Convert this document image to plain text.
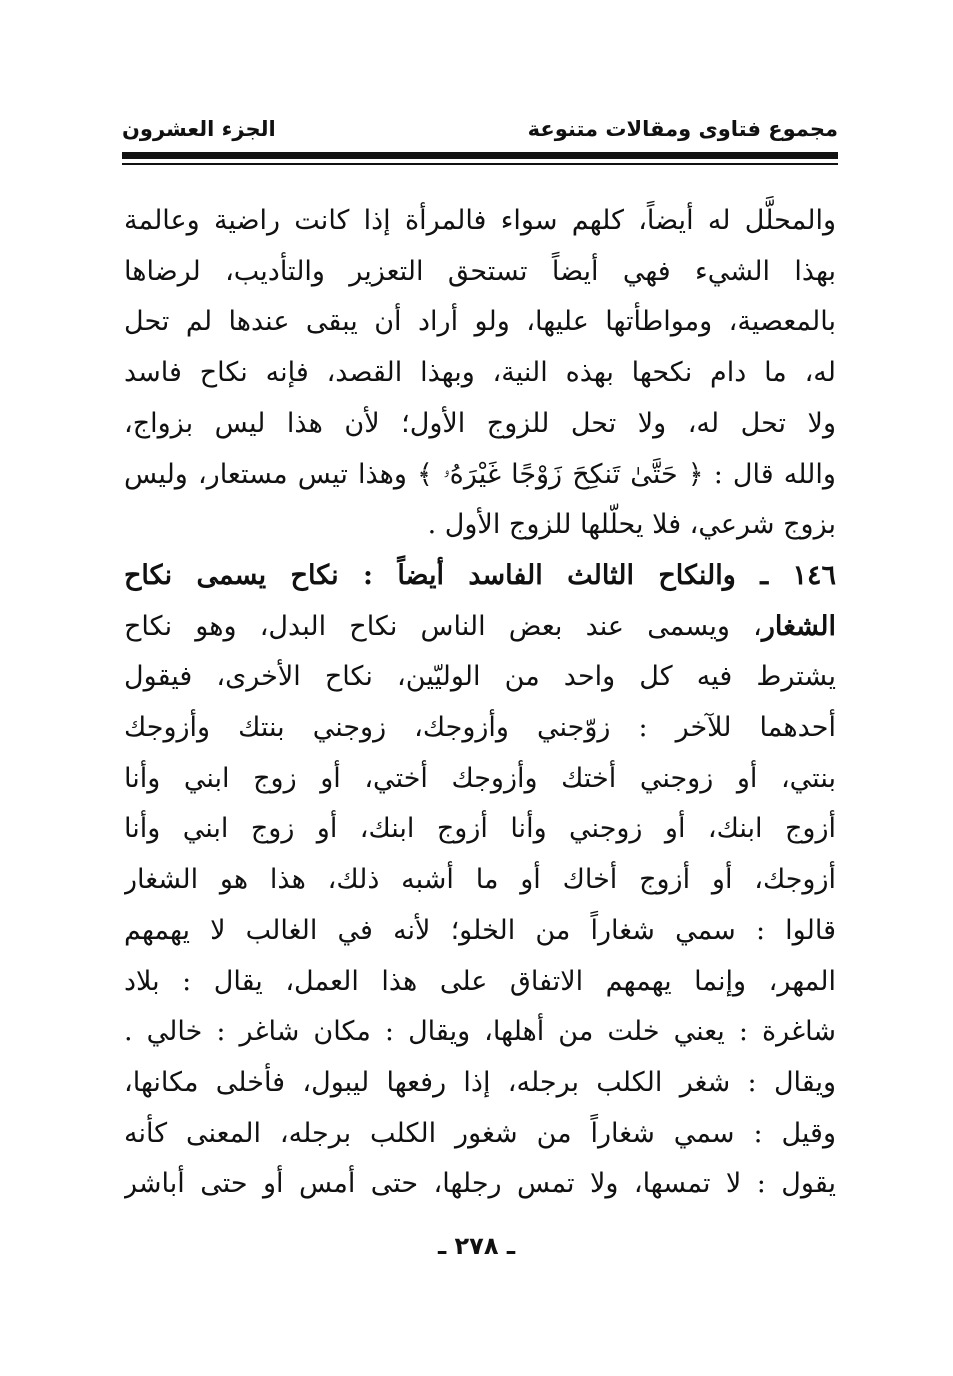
مجموع فتاوى ومقالات متنوعة
الجزء العشرون

والمحلَّل له أيضاً، كلهم سواء فالمرأة إذا كانت راضية وعالمة
بهذا الشيء فهي أيضاً تستحق التعزير والتأديب، لرضاها
بالمعصية، ومواطأتها عليها، ولو أراد أن يبقى عندها لم تحل
له، ما دام نكحها بهذه النية، وبهذا القصد، فإنه نكاح فاسد
ولا تحل له، ولا تحل للزوج الأول؛ لأن هذا ليس بزواج،
والله قال : ﴿ حَتَّىٰ تَنكِحَ زَوْجًا غَيْرَهُۥ ﴾ وهذا تيس مستعار، وليس
بزوج شرعي، فلا يحلّلها للزوج الأول .

١٤٦ ـ والنكاح الثالث الفاسد أيضاً : نكاح يسمى نكاح
الشغار، ويسمى عند بعض الناس نكاح البدل، وهو نكاح
يشترط فيه كل واحد من الوليّين، نكاح الأخرى، فيقول
أحدهما للآخر : زوّجني وأزوجك، زوجني بنتك وأزوجك
بنتي، أو زوجني أختك وأزوجك أختي، أو زوج ابني وأنا
أزوج ابنك، أو زوجني وأنا أزوج ابنك، أو زوج ابني وأنا
أزوجك، أو أزوج أخاك أو ما أشبه ذلك، هذا هو الشغار
قالوا : سمي شغاراً من الخلو؛ لأنه في الغالب لا يهمهم
المهر، وإنما يهمهم الاتفاق على هذا العمل، يقال : بلاد
شاغرة : يعني خلت من أهلها، ويقال : مكان شاغر : خالي .
ويقال : شغر الكلب برجله، إذا رفعها ليبول، فأخلى مكانها،
وقيل : سمي شغاراً من شغور الكلب برجله، المعنى كأنه
يقول : لا تمسها، ولا تمس رجلها، حتى أمس أو حتى أباشر

ـ ٢٧٨ ـ
